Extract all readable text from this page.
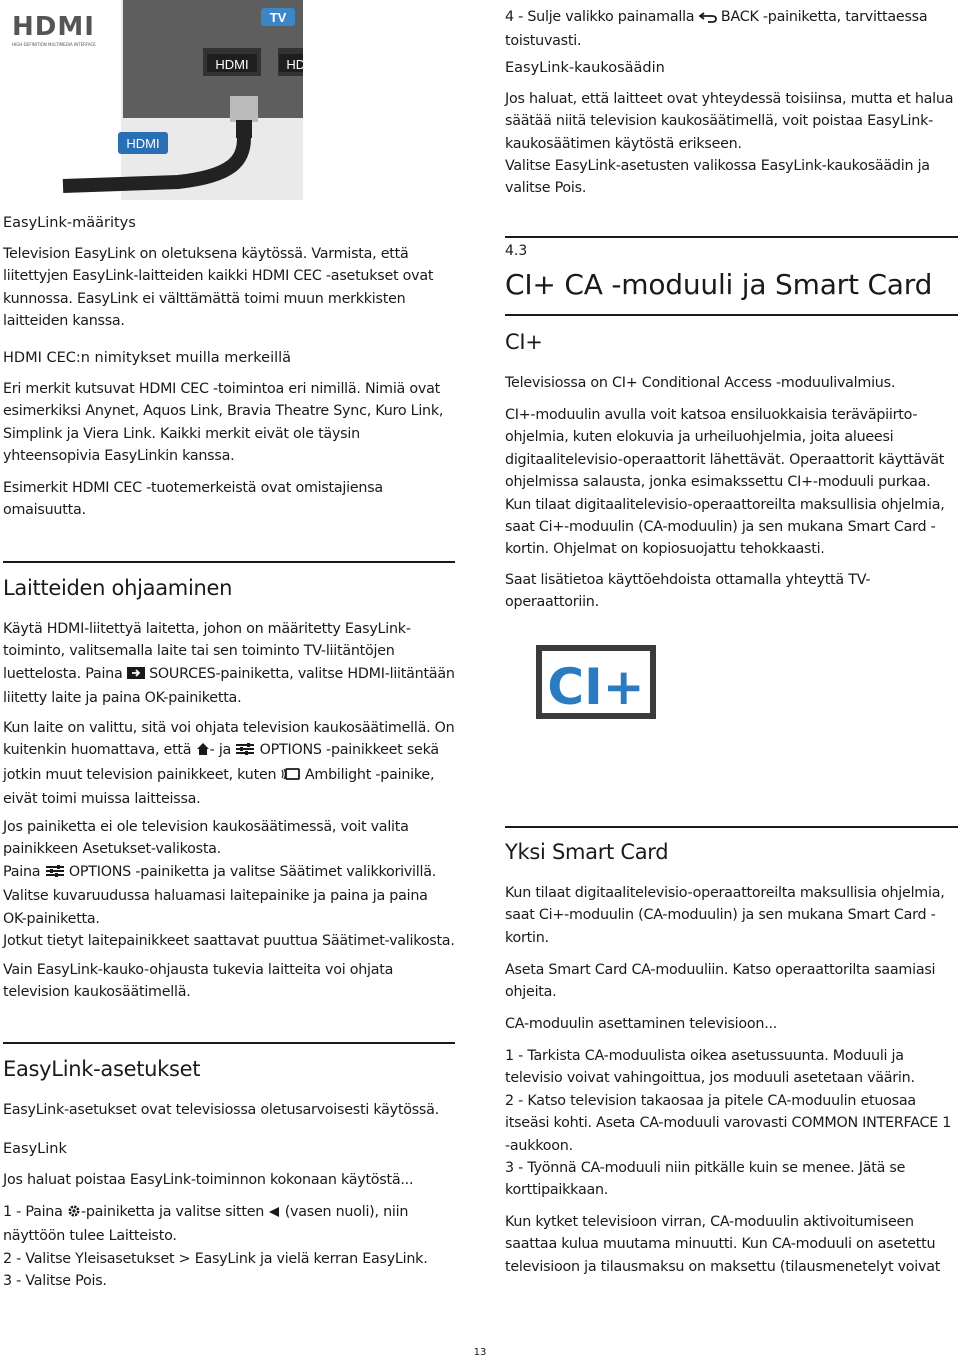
HDMI	HDMI
TV
HDMI
HDMI
HIGH-DEFINITION MULTIMEDIA INTERFACE
EasyLink-määritys

Television EasyLink on oletuksena käytössä. Varmista, että liitettyjen EasyLink-laitteiden kaikki HDMI CEC -asetukset ovat kunnossa. EasyLink ei välttämättä toimi muun merkkisten laitteiden kanssa.

HDMI CEC:n nimitykset muilla merkeillä

Eri merkit kutsuvat HDMI CEC -toimintoa eri nimillä. Nimiä ovat esimerkiksi Anynet, Aquos Link, Bravia Theatre Sync, Kuro Link, Simplink ja Viera Link. Kaikki merkit eivät ole täysin yhteensopivia EasyLinkin kanssa.

Esimerkit HDMI CEC -tuotemerkeistä ovat omistajiensa omaisuutta.

Laitteiden ohjaaminen

Käytä HDMI-liitettyä laitetta, johon on määritetty EasyLink-toiminto, valitsemalla laite tai sen toiminto TV-liitäntöjen luettelosta. Paina  SOURCES-painiketta, valitse HDMI-liitäntään liitetty laite ja paina OK-painiketta.

Kun laite on valittu, sitä voi ohjata television kaukosäätimellä. On kuitenkin huomattava, että - ja  OPTIONS -painikkeet sekä jotkin muut television painikkeet, kuten  Ambilight -painike, eivät toimi muissa laitteissa.

Jos painiketta ei ole television kaukosäätimessä, voit valita painikkeen Asetukset-valikosta.
Paina  OPTIONS -painiketta ja valitse Säätimet valikkorivillä.
Valitse kuvaruudussa haluamasi laitepainike ja paina ja paina OK-painiketta.
Jotkut tietyt laitepainikkeet saattavat puuttua Säätimet-valikosta.

Vain EasyLink-kauko-ohjausta tukevia laitteita voi ohjata television kaukosäätimellä.

EasyLink-asetukset

EasyLink-asetukset ovat televisiossa oletusarvoisesti käytössä.

EasyLink

Jos haluat poistaa EasyLink-toiminnon kokonaan käytöstä...

1 - Paina -painiketta ja valitse sitten  (vasen nuoli), niin näyttöön tulee Laitteisto.
2 - Valitse Yleisasetukset > EasyLink ja vielä kerran EasyLink.
3 - Valitse Pois.

4 - Sulje valikko painamalla  BACK -painiketta, tarvittaessa toistuvasti.

EasyLink-kaukosäädin

Jos haluat, että laitteet ovat yhteydessä toisiinsa, mutta et halua säätää niitä television kaukosäätimellä, voit poistaa EasyLink-kaukosäätimen käytöstä erikseen.

Valitse EasyLink-asetusten valikossa EasyLink-kaukosäädin ja valitse Pois.

4.3
CI+ CA -moduuli ja Smart Card
CI+

Televisiossa on CI+ Conditional Access -moduulivalmius.

CI+-moduulin avulla voit katsoa ensiluokkaisia teräväpiirto-ohjelmia, kuten elokuvia ja urheiluohjelmia, joita alueesi digitaalitelevisio-operaattorit lähettävät. Operaattorit käyttävät ohjelmissa salausta, jonka esimakssettu CI+-moduuli purkaa. Kun tilaat digitaalitelevisio-operaattoreilta maksullisia ohjelmia, saat Ci+-moduulin (CA-moduulin) ja sen mukana Smart Card -kortin. Ohjelmat on kopiosuojattu tehokkaasti.

Saat lisätietoa käyttöehdoista ottamalla yhteyttä TV-operaattoriin.

CI+
Yksi Smart Card

Kun tilaat digitaalitelevisio-operaattoreilta maksullisia ohjelmia, saat Ci+-moduulin (CA-moduulin) ja sen mukana Smart Card -kortin.

Aseta Smart Card CA-moduuliin. Katso operaattorilta saamiasi ohjeita.

CA-moduulin asettaminen televisioon...

1 - Tarkista CA-moduulista oikea asetussuunta. Moduuli ja televisio voivat vahingoittua, jos moduuli asetetaan väärin.
2 - Katso television takaosaa ja pitele CA-moduulin etuosaa itseäsi kohti. Aseta CA-moduuli varovasti COMMON INTERFACE 1 -aukkoon.
3 - Työnnä CA-moduuli niin pitkälle kuin se menee. Jätä se korttipaikkaan.

Kun kytket televisioon virran, CA-moduulin aktivoitumiseen saattaa kulua muutama minuutti. Kun CA-moduuli on asetettu televisioon ja tilausmaksu on maksettu (tilausmenetelyt voivat

13
